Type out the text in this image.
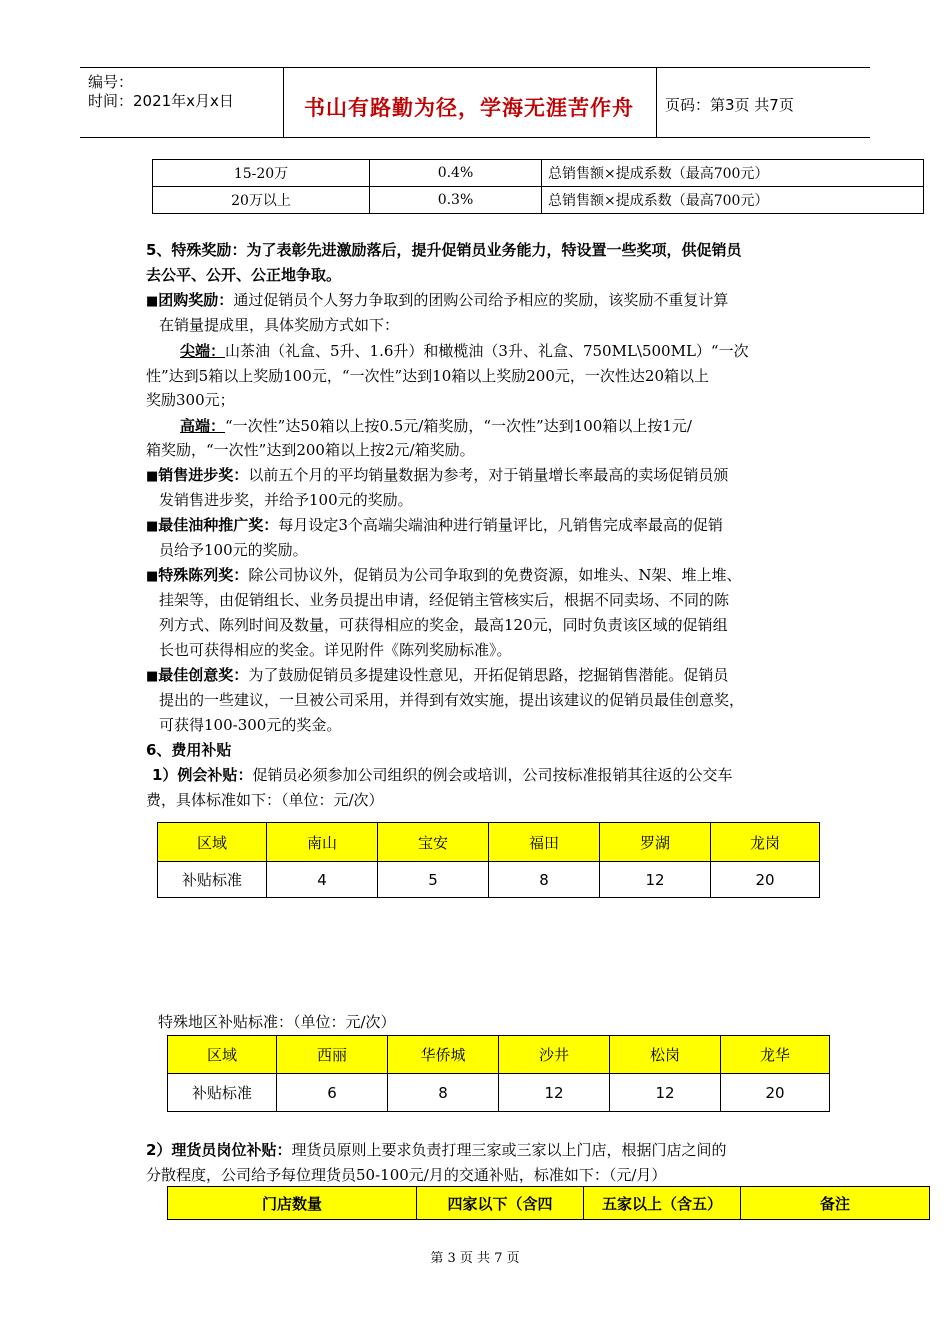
编号：
时间：2021年x月x日	书山有路勤为径，学海无涯苦作舟 页码：第3页 共7页
15-20万	0.4%	总销售额×提成系数（最高700元）
20万以上	0.3%	总销售额×提成系数（最高700元）
5、特殊奖励：为了表彰先进激励落后，提升促销员业务能力，特设置一些奖项，供促销员
去公平、公开、公正地争取。
■团购奖励：通过促销员个人努力争取到的团购公司给予相应的奖励，该奖励不重复计算
在销量提成里，具体奖励方式如下：
尖端：山茶油（礼盒、5升、1.6升）和橄榄油（3升、礼盒、750ML\500ML）“一次
性”达到5箱以上奖励100元，“一次性”达到10箱以上奖励200元，一次性达20箱以上
奖励300元；
高端：“一次性”达50箱以上按0.5元/箱奖励，“一次性”达到100箱以上按1元/
箱奖励，“一次性”达到200箱以上按2元/箱奖励。
■销售进步奖：以前五个月的平均销量数据为参考，对于销量增长率最高的卖场促销员颁
发销售进步奖，并给予100元的奖励。
■最佳油种推广奖：每月设定3个高端尖端油种进行销量评比，凡销售完成率最高的促销
员给予100元的奖励。
■特殊陈列奖：除公司协议外，促销员为公司争取到的免费资源，如堆头、N架、堆上堆、
挂架等，由促销组长、业务员提出申请，经促销主管核实后，根据不同卖场、不同的陈
列方式、陈列时间及数量，可获得相应的奖金，最高120元，同时负责该区域的促销组
长也可获得相应的奖金。详见附件《陈列奖励标准》。
■最佳创意奖：为了鼓励促销员多提建设性意见，开拓促销思路，挖掘销售潜能。促销员
提出的一些建议，一旦被公司采用，并得到有效实施，提出该建议的促销员最佳创意奖，
可获得100-300元的奖金。
6、费用补贴
1）例会补贴：促销员必须参加公司组织的例会或培训，公司按标准报销其往返的公交车
费，具体标准如下：（单位：元/次）
区域	南山	宝安	福田	罗湖	龙岗
补贴标准	4	5	8	12	20
特殊地区补贴标准：（单位：元/次）
区域	西丽	华侨城	沙井	松岗	龙华
补贴标准	6	8	12	12	20
2）理货员岗位补贴：理货员原则上要求负责打理三家或三家以上门店，根据门店之间的
分散程度，公司给予每位理货员50-100元/月的交通补贴，标准如下：（元/月）
门店数量	四家以下（含四	五家以上（含五）	备注
第 3 页 共 7 页
